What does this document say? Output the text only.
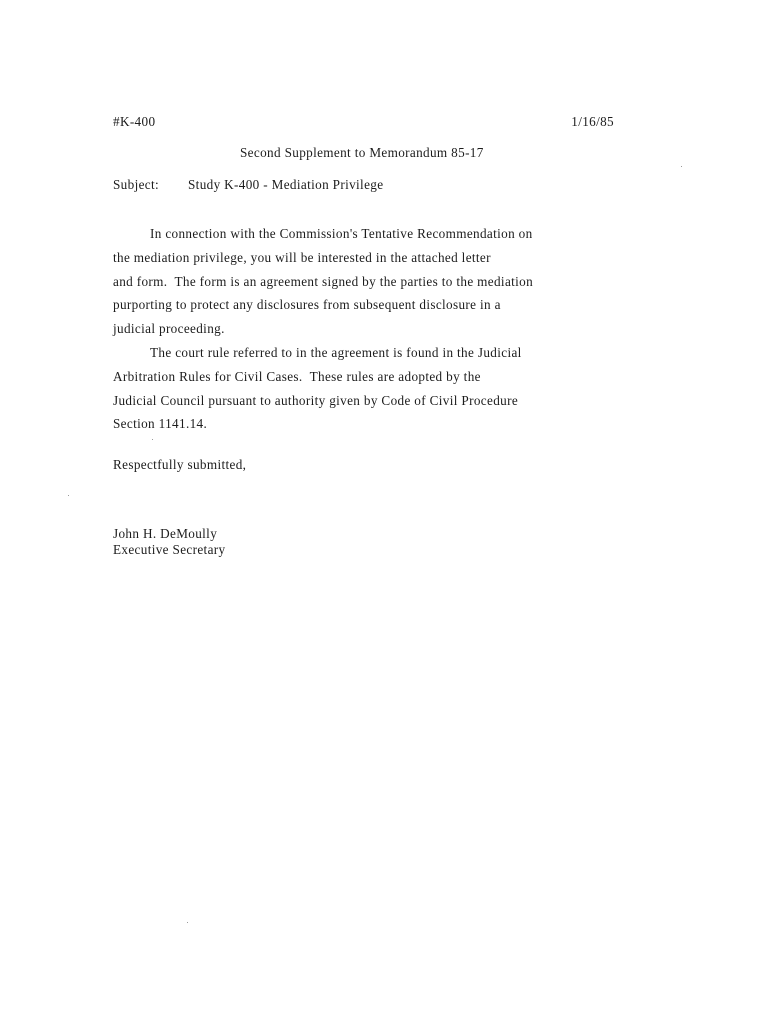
#K-400	1/16/85
Second Supplement to Memorandum 85-17
Subject: Study K-400 - Mediation Privilege
In connection with the Commission's Tentative Recommendation on
the mediation privilege, you will be interested in the attached letter
and form.  The form is an agreement signed by the parties to the mediation
purporting to protect any disclosures from subsequent disclosure in a
judicial proceeding.
The court rule referred to in the agreement is found in the Judicial
Arbitration Rules for Civil Cases.  These rules are adopted by the
Judicial Council pursuant to authority given by Code of Civil Procedure
Section 1141.14.
Respectfully submitted,
John H. DeMoully
Executive Secretary
